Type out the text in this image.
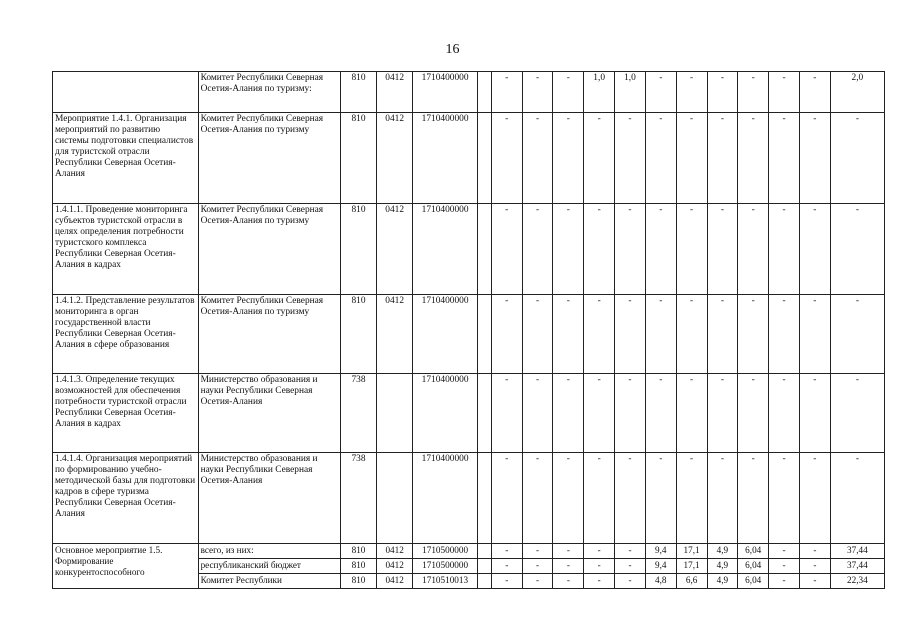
16
	Комитет Республики Северная Осетия-Алания по туризму:	810	0412	1710400000		-	-	-	1,0	1,0	-	-	-	-	-	-	2,0
Мероприятие 1.4.1. Организация мероприятий по развитию системы подготовки специалистов для туристской отрасли Республики Северная Осетия-Алания	Комитет Республики Северная Осетия-Алания по туризму	810	0412	1710400000		-	-	-	-	-	-	-	-	-	-	-	-
1.4.1.1. Проведение мониторинга субъектов туристской отрасли в целях определения потребности туристского комплекса Республики Северная Осетия-Алания в кадрах	Комитет Республики Северная Осетия-Алания по туризму	810	0412	1710400000		-	-	-	-	-	-	-	-	-	-	-	-
1.4.1.2. Представление результатов мониторинга в орган государственной власти Республики Северная Осетия-Алания в сфере образования	Комитет Республики Северная Осетия-Алания по туризму	810	0412	1710400000		-	-	-	-	-	-	-	-	-	-	-	-
1.4.1.3. Определение текущих возможностей для обеспечения потребности туристской отрасли Республики Северная Осетия-Алания в кадрах	Министерство образования и науки Республики Северная Осетия-Алания	738		1710400000		-	-	-	-	-	-	-	-	-	-	-	-
1.4.1.4. Организация мероприятий по формированию учебно-методической базы для подготовки кадров в сфере туризма Республики Северная Осетия-Алания	Министерство образования и науки Республики Северная Осетия-Алания	738		1710400000		-	-	-	-	-	-	-	-	-	-	-	-
Основное мероприятие 1.5. Формирование конкурентоспособного	всего, из них:	810	0412	1710500000		-	-	-	-	-	9,4	17,1	4,9	6,04	-	-	37,44
	республиканский бюджет	810	0412	1710500000		-	-	-	-	-	9,4	17,1	4,9	6,04	-	-	37,44
	Комитет Республики	810	0412	1710510013		-	-	-	-	-	4,8	6,6	4,9	6,04	-	-	22,34
